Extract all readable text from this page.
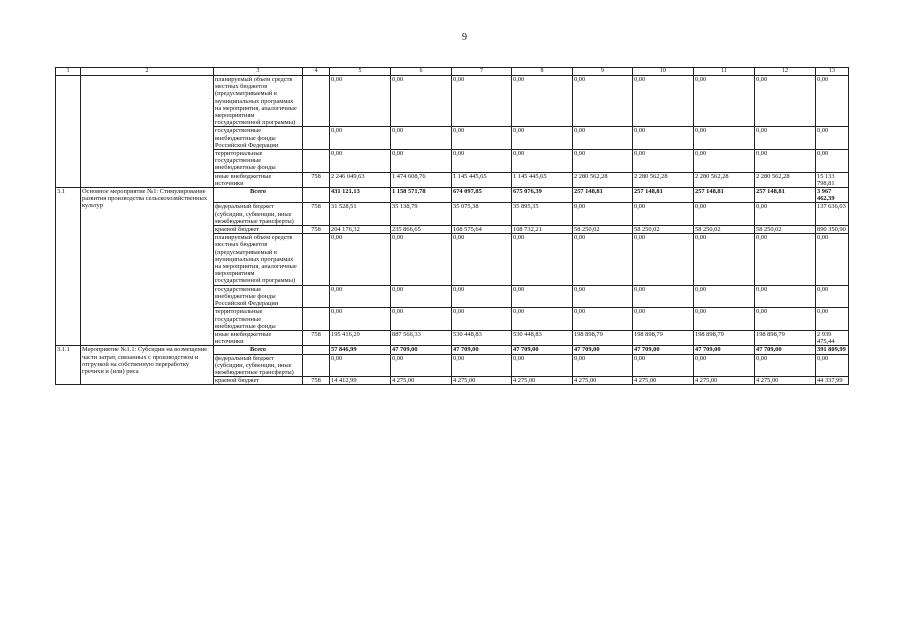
9
1	2	3	4	5	6	7	8	9	10	11	12	13
		планируемый объем средств местных бюджетов (предусматриваемый в муниципальных программах на мероприятия, аналогичные мероприятиям государственной программы)		0,00	0,00	0,00	0,00	0,00	0,00	0,00	0,00	0,00
		государственные внебюджетные фонды Российской Федерации		0,00	0,00	0,00	0,00	0,00	0,00	0,00	0,00	0,00
		территориальные государственные внебюджетные фонды		0,00	0,00	0,00	0,00	0,00	0,00	0,00	0,00	0,00
		иные внебюджетные источники	758	2 246 049,63	1 474 608,76	1 145 445,65	1 145 445,65	2 280 562,28	2 280 562,28	2 280 562,28	2 280 562,28	15 133 798,81
3.1	Основное мероприятие №1: Стимулирование развития производства сельскохозяйственных культур	Всего		431 121,13	1 158 571,78	674 097,85	675 076,39	257 148,81	257 148,81	257 148,81	257 148,81	3 967 462,39
		федеральный бюджет (субсидии, субвенции, иные межбюджетные трансферты)	758	31 528,51	35 138,79	35 075,38	35 895,35	0,00	0,00	0,00	0,00	137 636,03
		краевой бюджет	758	204 176,32	235 866,65	108 575,64	108 732,21	58 250,02	58 250,02	58 250,02	58 250,02	890 350,90
		планируемый объем средств местных бюджетов (предусматриваемый в муниципальных программах на мероприятия, аналогичные мероприятиям государственной программы)		0,00	0,00	0,00	0,00	0,00	0,00	0,00	0,00	0,00
		государственные внебюджетные фонды Российской Федерации		0,00	0,00	0,00	0,00	0,00	0,00	0,00	0,00	0,00
		территориальные государственные внебюджетные фонды		0,00	0,00	0,00	0,00	0,00	0,00	0,00	0,00	0,00
		иные внебюджетные источники	758	195 416,29	887 566,33	530 448,83	530 448,83	198 898,79	198 898,79	198 898,79	198 898,79	2 939 475,44
3.1.1	Мероприятие №1.1: Субсидии на возмещение части затрат, связанных с производством и отгрузкой на собственную переработку гречихи и (или) риса	Всего		57 846,99	47 709,00	47 709,00	47 709,00	47 709,00	47 709,00	47 709,00	47 709,00	391 809,99
		федеральный бюджет (субсидии, субвенции, иные межбюджетные трансферты)		0,00	0,00	0,00	0,00	0,00	0,00	0,00	0,00	0,00
		краевой бюджет	758	14 412,99	4 275,00	4 275,00	4 275,00	4 275,00	4 275,00	4 275,00	4 275,00	44 337,99
